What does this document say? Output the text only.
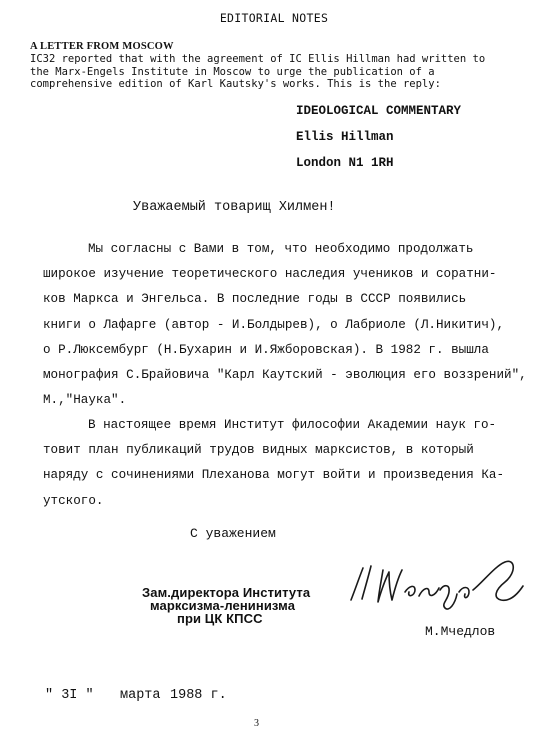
EDITORIAL NOTES
A LETTER FROM MOSCOW
IC32 reported that with the agreement of IC Ellis Hillman had written to
the Marx-Engels Institute in Moscow to urge the publication of a
comprehensive edition of Karl Kautsky's works. This is the reply:
IDEOLOGICAL COMMENTARY
Ellis Hillman
London N1 1RH
Уважаемый товарищ Хилмен!
Мы согласны с Вами в том, что необходимо продолжать
широкое изучение теоретического наследия учеников и соратни-
ков Маркса и Энгельса. В последние годы в СССР появились
книги о Лафарге (автор - И.Болдырев), о Лабриоле (Л.Никитич),
о Р.Люксембург (Н.Бухарин и И.Яжборовская). В 1982 г. вышла
монография С.Брайовича "Карл Каутский - эволюция его воззрений",
М.,"Наука".
В настоящее время Институт философии Академии наук го-
товит план публикаций трудов видных марксистов, в который
наряду с сочинениями Плеханова могут войти и произведения Ка-
утского.
С уважением
Зам.директора Института
марксизма-ленинизма
при ЦК КПСС
М.Мчедлов
" 3I " марта 1988 г.
3
